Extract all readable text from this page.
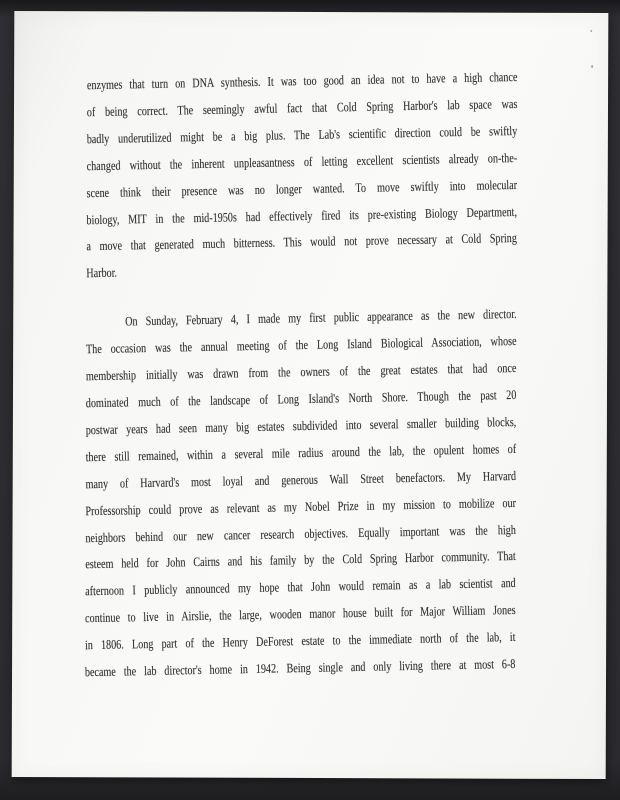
enzymes that turn on DNA synthesis. It was too good an idea not to have a high chance
of being correct. The seemingly awful fact that Cold Spring Harbor's lab space was
badly underutilized might be a big plus. The Lab's scientific direction could be swiftly
changed without the inherent unpleasantness of letting excellent scientists already on-the-
scene think their presence was no longer wanted. To move swiftly into molecular
biology, MIT in the mid-1950s had effectively fired its pre-existing Biology Department,
a move that generated much bitterness. This would not prove necessary at Cold Spring
Harbor.
On Sunday, February 4, I made my first public appearance as the new director.
The occasion was the annual meeting of the Long Island Biological Association, whose
membership initially was drawn from the owners of the great estates that had once
dominated much of the landscape of Long Island's North Shore. Though the past 20
postwar years had seen many big estates subdivided into several smaller building blocks,
there still remained, within a several mile radius around the lab, the opulent homes of
many of Harvard's most loyal and generous Wall Street benefactors. My Harvard
Professorship could prove as relevant as my Nobel Prize in my mission to mobilize our
neighbors behind our new cancer research objectives. Equally important was the high
esteem held for John Cairns and his family by the Cold Spring Harbor community. That
afternoon I publicly announced my hope that John would remain as a lab scientist and
continue to live in Airslie, the large, wooden manor house built for Major William Jones
in 1806. Long part of the Henry DeForest estate to the immediate north of the lab, it
became the lab director's home in 1942. Being single and only living there at most 6-8
